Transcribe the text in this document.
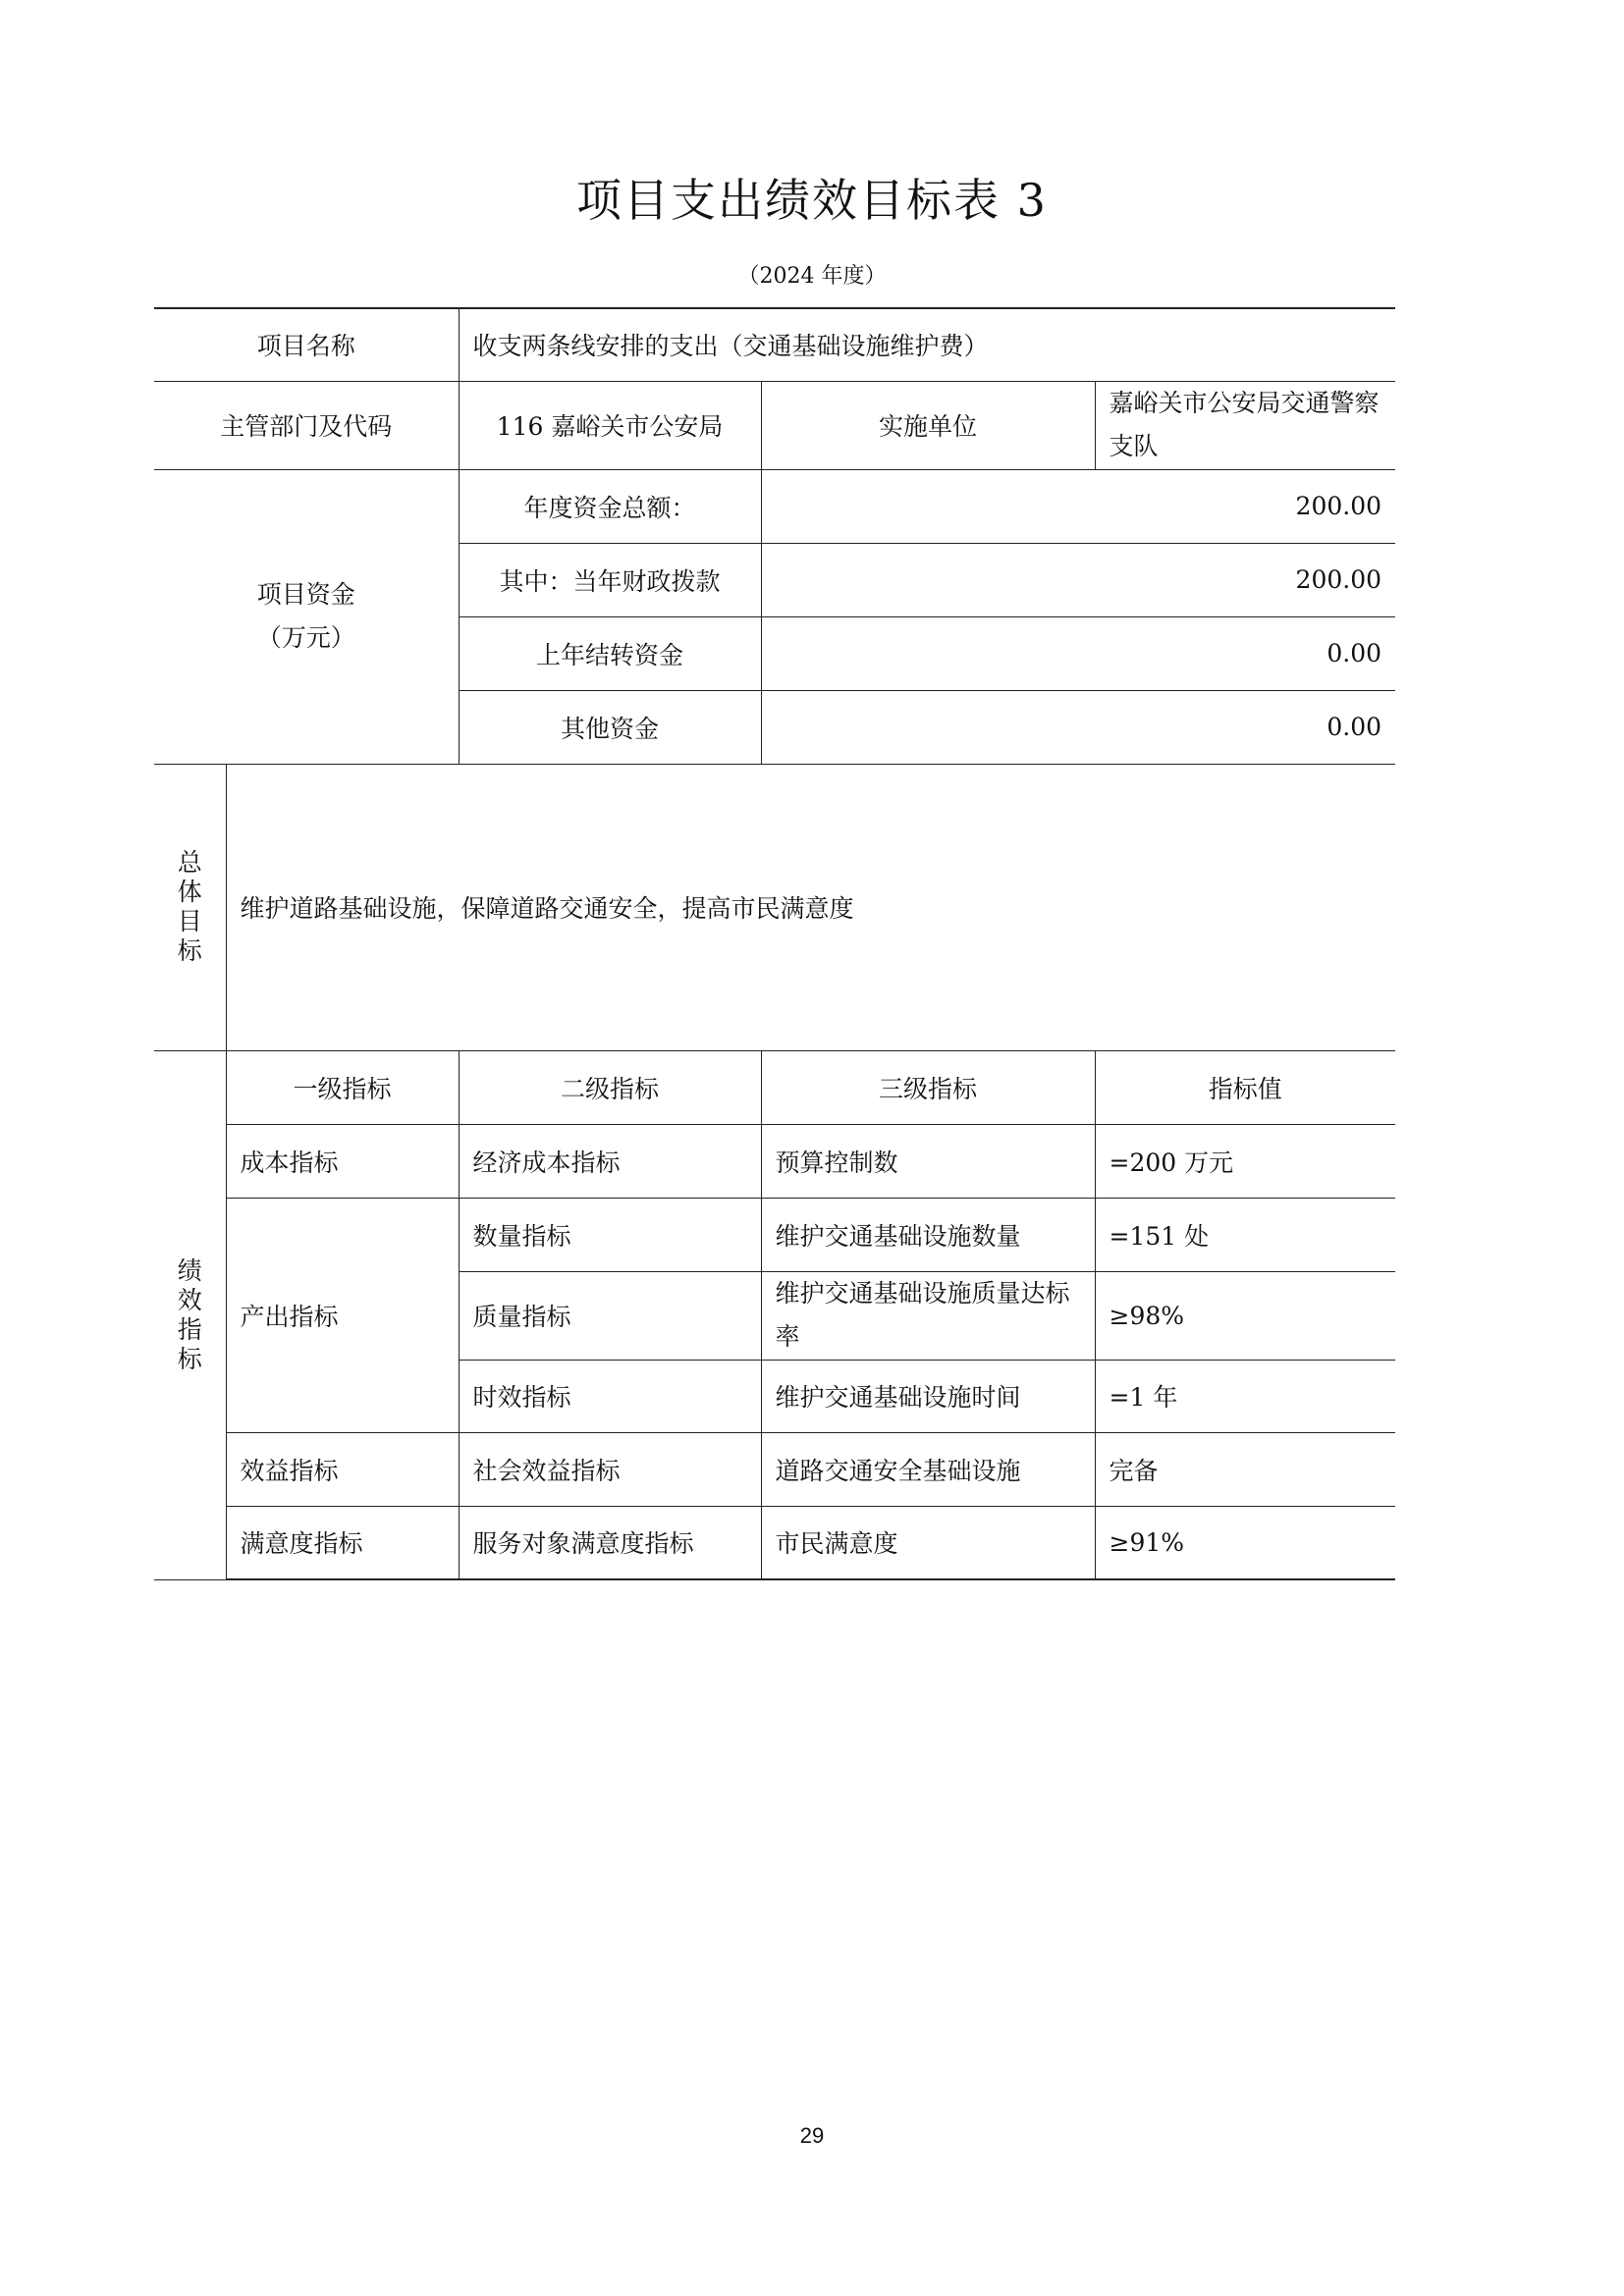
项目支出绩效目标表 3
（2024 年度）
项目名称		收支两条线安排的支出（交通基础设施维护费）		
主管部门及代码		116 嘉峪关市公安局	实施单位	嘉峪关市公安局交通警察支队

项目资金
（万元）		年度资金总额：	200.00	
		其中：当年财政拨款	200.00	
		上年结转资金	0.00	
		其他资金	0.00	
总体目标	维护道路基础设施，保障道路交通安全，提高市民满意度			
绩效指标	一级指标	二级指标	三级指标	指标值
	成本指标	经济成本指标	预算控制数	=200 万元
	产出指标	数量指标	维护交通基础设施数量	=151 处
		质量指标	维护交通基础设施质量达标率	≥98%
		时效指标	维护交通基础设施时间	=1 年
	效益指标	社会效益指标	道路交通安全基础设施	完备
	满意度指标	服务对象满意度指标	市民满意度	≥91%
29
